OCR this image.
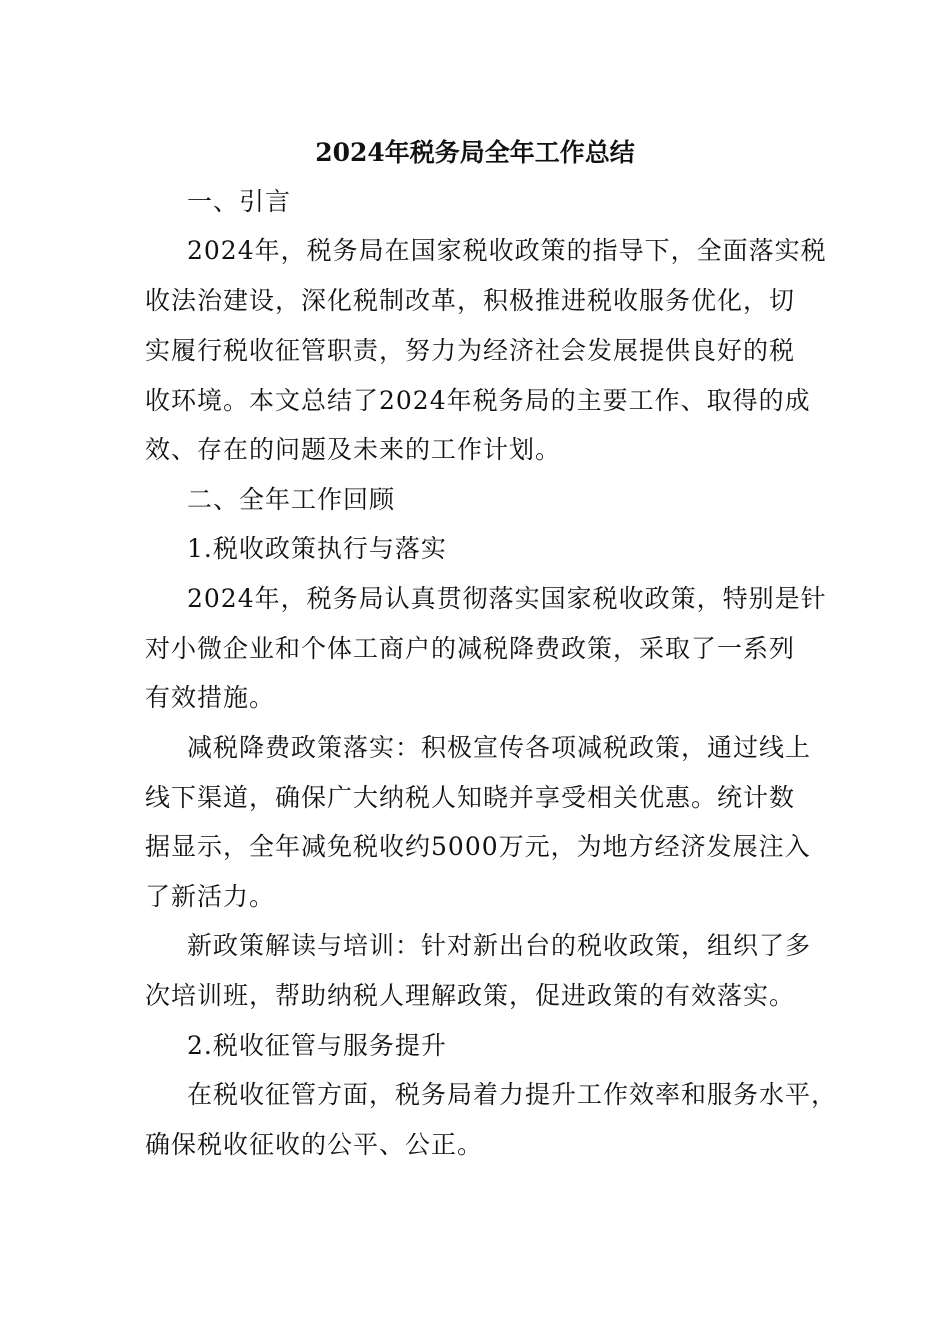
2024年税务局全年工作总结
一、引言
2024年，税务局在国家税收政策的指导下，全面落实税
收法治建设，深化税制改革，积极推进税收服务优化，切
实履行税收征管职责，努力为经济社会发展提供良好的税
收环境。本文总结了2024年税务局的主要工作、取得的成
效、存在的问题及未来的工作计划。
二、全年工作回顾
1.税收政策执行与落实
2024年，税务局认真贯彻落实国家税收政策，特别是针
对小微企业和个体工商户的减税降费政策，采取了一系列
有效措施。
减税降费政策落实：积极宣传各项减税政策，通过线上
线下渠道，确保广大纳税人知晓并享受相关优惠。统计数
据显示，全年减免税收约5000万元，为地方经济发展注入
了新活力。
新政策解读与培训：针对新出台的税收政策，组织了多
次培训班，帮助纳税人理解政策，促进政策的有效落实。
2.税收征管与服务提升
在税收征管方面，税务局着力提升工作效率和服务水平，
确保税收征收的公平、公正。
